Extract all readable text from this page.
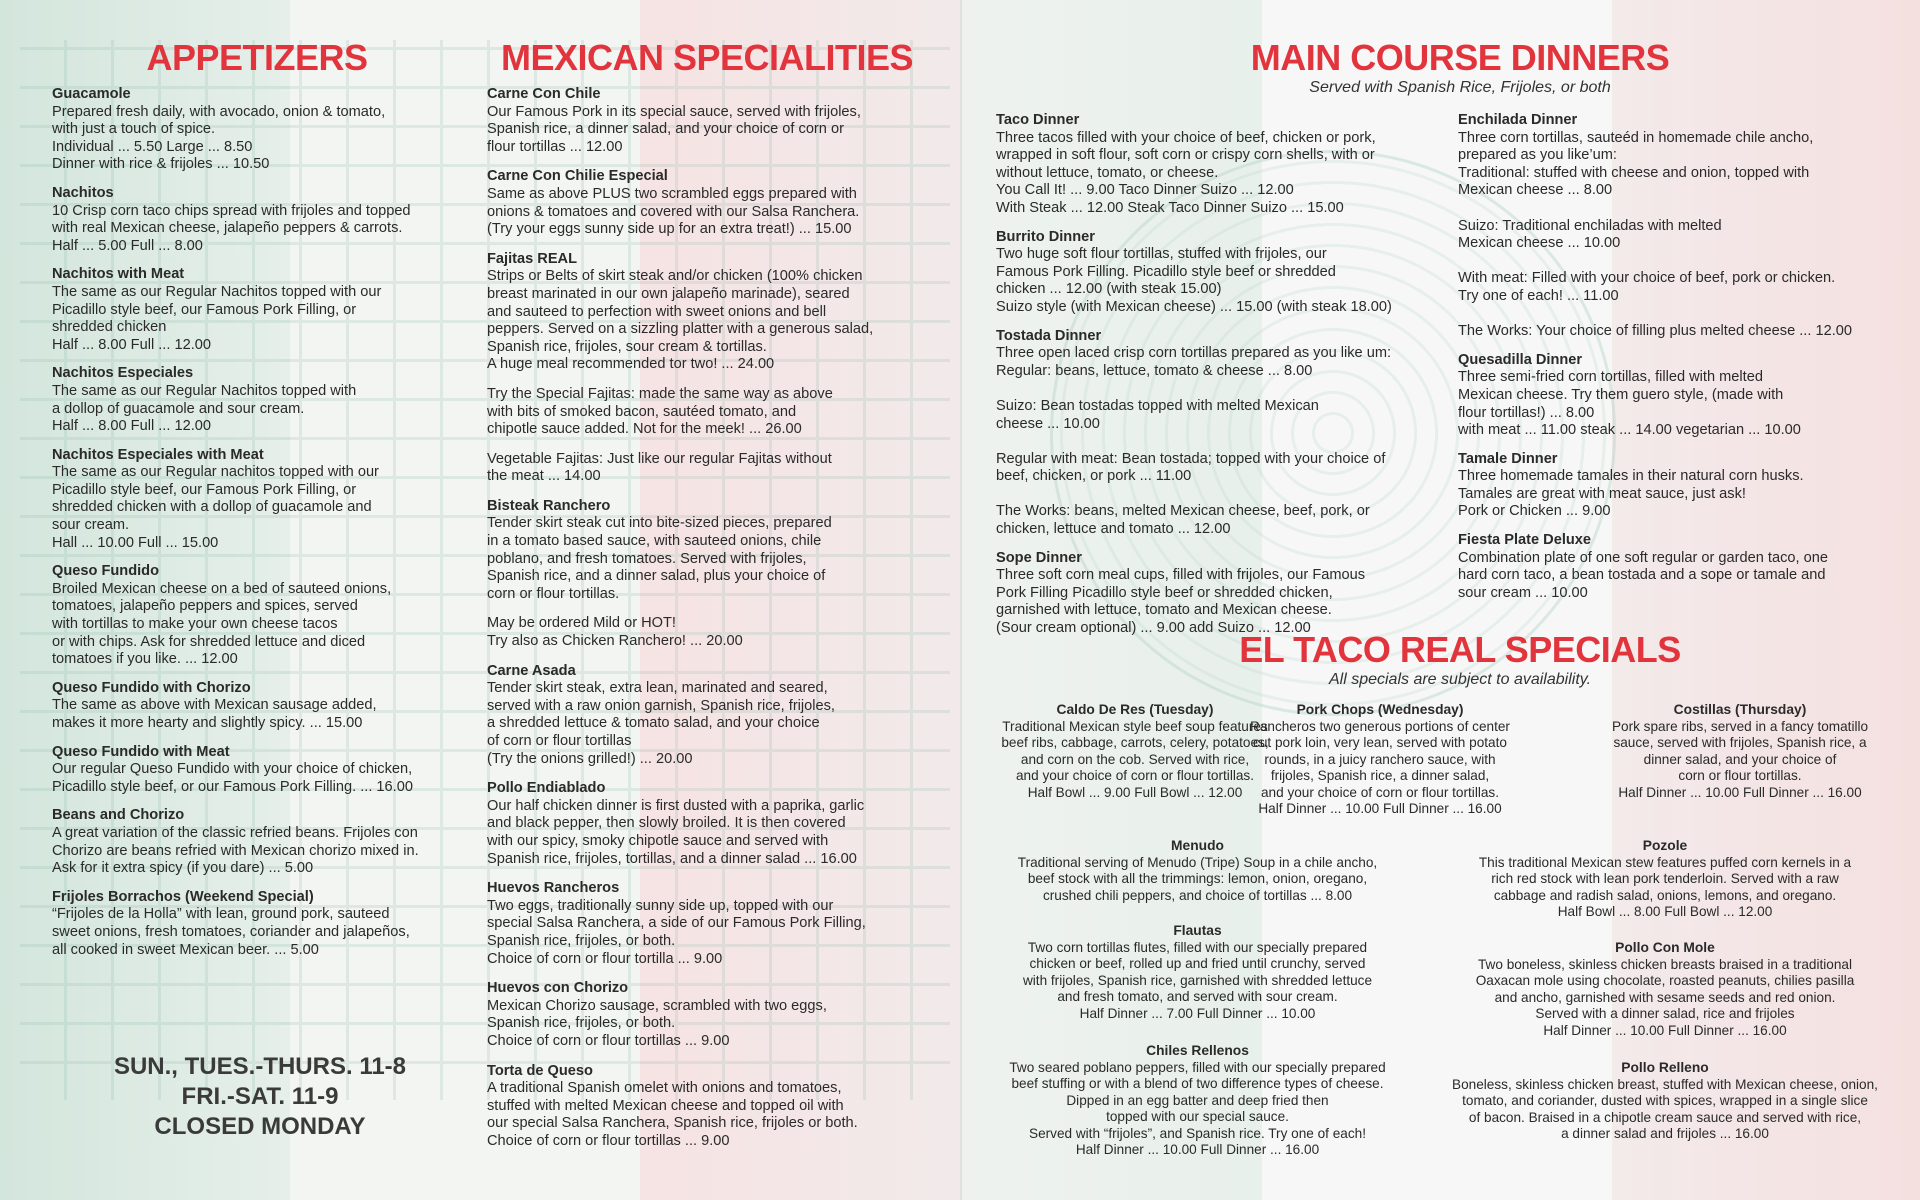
APPETIZERS
Guacamole
Prepared fresh daily, with avocado, onion & tomato,
with just a touch of spice.
Individual ... 5.50 Large ... 8.50
Dinner with rice & frijoles ... 10.50
Nachitos
10 Crisp corn taco chips spread with frijoles and topped
with real Mexican cheese, jalapeño peppers & carrots.
Half ... 5.00 Full ... 8.00
Nachitos with Meat
The same as our Regular Nachitos topped with our
Picadillo style beef, our Famous Pork Filling, or
shredded chicken
Half ... 8.00 Full ... 12.00
Nachitos Especiales
The same as our Regular Nachitos topped with
a dollop of guacamole and sour cream.
Half ... 8.00 Full ... 12.00
Nachitos Especiales with Meat
The same as our Regular nachitos topped with our
Picadillo style beef, our Famous Pork Filling, or
shredded chicken with a dollop of guacamole and
sour cream.
Hall ... 10.00 Full ... 15.00
Queso Fundido
Broiled Mexican cheese on a bed of sauteed onions,
tomatoes, jalapeño peppers and spices, served
with tortillas to make your own cheese tacos
or with chips. Ask for shredded lettuce and diced
tomatoes if you like. ... 12.00
Queso Fundido with Chorizo
The same as above with Mexican sausage added,
makes it more hearty and slightly spicy. ... 15.00
Queso Fundido with Meat
Our regular Queso Fundido with your choice of chicken,
Picadillo style beef, or our Famous Pork Filling. ... 16.00
Beans and Chorizo
A great variation of the classic refried beans. Frijoles con
Chorizo are beans refried with Mexican chorizo mixed in.
Ask for it extra spicy (if you dare) ... 5.00
Frijoles Borrachos (Weekend Special)
“Frijoles de la Holla” with lean, ground pork, sauteed
sweet onions, fresh tomatoes, coriander and jalapeños,
all cooked in sweet Mexican beer. ... 5.00
SUN., TUES.-THURS. 11-8
FRI.-SAT. 11-9
CLOSED MONDAY
MEXICAN SPECIALITIES
Carne Con Chile
Our Famous Pork in its special sauce, served with frijoles,
Spanish rice, a dinner salad, and your choice of corn or
flour tortillas ... 12.00
Carne Con Chilie Especial
Same as above PLUS two scrambled eggs prepared with
onions & tomatoes and covered with our Salsa Ranchera.
(Try your eggs sunny side up for an extra treat!) ... 15.00
Fajitas REAL
Strips or Belts of skirt steak and/or chicken (100% chicken
breast marinated in our own jalapeño marinade), seared
and sauteed to perfection with sweet onions and bell
peppers. Served on a sizzling platter with a generous salad,
Spanish rice, frijoles, sour cream & tortillas.
A huge meal recommended tor two! ... 24.00
Try the Special Fajitas: made the same way as above
with bits of smoked bacon, sautéed tomato, and
chipotle sauce added. Not for the meek! ... 26.00
Vegetable Fajitas: Just like our regular Fajitas without
the meat ... 14.00
Bisteak Ranchero
Tender skirt steak cut into bite-sized pieces, prepared
in a tomato based sauce, with sauteed onions, chile
poblano, and fresh tomatoes. Served with frijoles,
Spanish rice, and a dinner salad, plus your choice of
corn or flour tortillas.
May be ordered Mild or HOT!
Try also as Chicken Ranchero! ... 20.00
Carne Asada
Tender skirt steak, extra lean, marinated and seared,
served with a raw onion garnish, Spanish rice, frijoles,
a shredded lettuce & tomato salad, and your choice
of corn or flour tortillas
(Try the onions grilled!) ... 20.00
Pollo Endiablado
Our half chicken dinner is first dusted with a paprika, garlic
and black pepper, then slowly broiled. It is then covered
with our spicy, smoky chipotle sauce and served with
Spanish rice, frijoles, tortillas, and a dinner salad ... 16.00
Huevos Rancheros
Two eggs, traditionally sunny side up, topped with our
special Salsa Ranchera, a side of our Famous Pork Filling,
Spanish rice, frijoles, or both.
Choice of corn or flour tortilla ... 9.00
Huevos con Chorizo
Mexican Chorizo sausage, scrambled with two eggs,
Spanish rice, frijoles, or both.
Choice of corn or flour tortillas ... 9.00
Torta de Queso
A traditional Spanish omelet with onions and tomatoes,
stuffed with melted Mexican cheese and topped oil with
our special Salsa Ranchera, Spanish rice, frijoles or both.
Choice of corn or flour tortillas ... 9.00
MAIN COURSE DINNERS
Served with Spanish Rice, Frijoles, or both
Taco Dinner
Three tacos filled with your choice of beef, chicken or pork,
wrapped in soft flour, soft corn or crispy corn shells, with or
without lettuce, tomato, or cheese.
You Call It! ... 9.00 Taco Dinner Suizo ... 12.00
With Steak ... 12.00 Steak Taco Dinner Suizo ... 15.00
Burrito Dinner
Two huge soft flour tortillas, stuffed with frijoles, our
Famous Pork Filling. Picadillo style beef or shredded
chicken ... 12.00 (with steak 15.00)
Suizo style (with Mexican cheese) ... 15.00 (with steak 18.00)
Tostada Dinner
Three open laced crisp corn tortillas prepared as you like um:
Regular: beans, lettuce, tomato & cheese ... 8.00

Suizo: Bean tostadas topped with melted Mexican
cheese ... 10.00

Regular with meat: Bean tostada; topped with your choice of
beef, chicken, or pork ... 11.00

The Works: beans, melted Mexican cheese, beef, pork, or
chicken, lettuce and tomato ... 12.00
Sope Dinner
Three soft corn meal cups, filled with frijoles, our Famous
Pork Filling Picadillo style beef or shredded chicken,
garnished with lettuce, tomato and Mexican cheese.
(Sour cream optional) ... 9.00 add Suizo ... 12.00
Enchilada Dinner
Three corn tortillas, sauteéd in homemade chile ancho,
prepared as you like’um:
Traditional: stuffed with cheese and onion, topped with
Mexican cheese ... 8.00

Suizo: Traditional enchiladas with melted
Mexican cheese ... 10.00

With meat: Filled with your choice of beef, pork or chicken.
Try one of each! ... 11.00

The Works: Your choice of filling plus melted cheese ... 12.00
Quesadilla Dinner
Three semi-fried corn tortillas, filled with melted
Mexican cheese. Try them guero style, (made with
flour tortillas!) ... 8.00
with meat ... 11.00 steak ... 14.00 vegetarian ... 10.00
Tamale Dinner
Three homemade tamales in their natural corn husks.
Tamales are great with meat sauce, just ask!
Pork or Chicken ... 9.00
Fiesta Plate Deluxe
Combination plate of one soft regular or garden taco, one
hard corn taco, a bean tostada and a sope or tamale and
sour cream ... 10.00
EL TACO REAL SPECIALS
All specials are subject to availability.
Caldo De Res (Tuesday)
Traditional Mexican style beef soup features
beef ribs, cabbage, carrots, celery, potatoes,
and corn on the cob. Served with rice,
and your choice of corn or flour tortillas.
Half Bowl ... 9.00 Full Bowl ... 12.00
Pork Chops (Wednesday)
Rancheros two generous portions of center
cut pork loin, very lean, served with potato
rounds, in a juicy ranchero sauce, with
frijoles, Spanish rice, a dinner salad,
and your choice of corn or flour tortillas.
Half Dinner ... 10.00 Full Dinner ... 16.00
Costillas (Thursday)
Pork spare ribs, served in a fancy tomatillo
sauce, served with frijoles, Spanish rice, a
dinner salad, and your choice of
corn or flour tortillas.
Half Dinner ... 10.00 Full Dinner ... 16.00
Menudo
Traditional serving of Menudo (Tripe) Soup in a chile ancho,
beef stock with all the trimmings: lemon, onion, oregano,
crushed chili peppers, and choice of tortillas ... 8.00
Pozole
This traditional Mexican stew features puffed corn kernels in a
rich red stock with lean pork tenderloin. Served with a raw
cabbage and radish salad, onions, lemons, and oregano.
Half Bowl ... 8.00 Full Bowl ... 12.00
Flautas
Two corn tortillas flutes, filled with our specially prepared
chicken or beef, rolled up and fried until crunchy, served
with frijoles, Spanish rice, garnished with shredded lettuce
and fresh tomato, and served with sour cream.
Half Dinner ... 7.00 Full Dinner ... 10.00
Pollo Con Mole
Two boneless, skinless chicken breasts braised in a traditional
Oaxacan mole using chocolate, roasted peanuts, chilies pasilla
and ancho, garnished with sesame seeds and red onion.
Served with a dinner salad, rice and frijoles
Half Dinner ... 10.00 Full Dinner ... 16.00
Chiles Rellenos
Two seared poblano peppers, filled with our specially prepared
beef stuffing or with a blend of two difference types of cheese.
Dipped in an egg batter and deep fried then
topped with our special sauce.
Served with “frijoles”, and Spanish rice. Try one of each!
Half Dinner ... 10.00 Full Dinner ... 16.00
Pollo Relleno
Boneless, skinless chicken breast, stuffed with Mexican cheese, onion,
tomato, and coriander, dusted with spices, wrapped in a single slice
of bacon. Braised in a chipotle cream sauce and served with rice,
a dinner salad and frijoles ... 16.00
